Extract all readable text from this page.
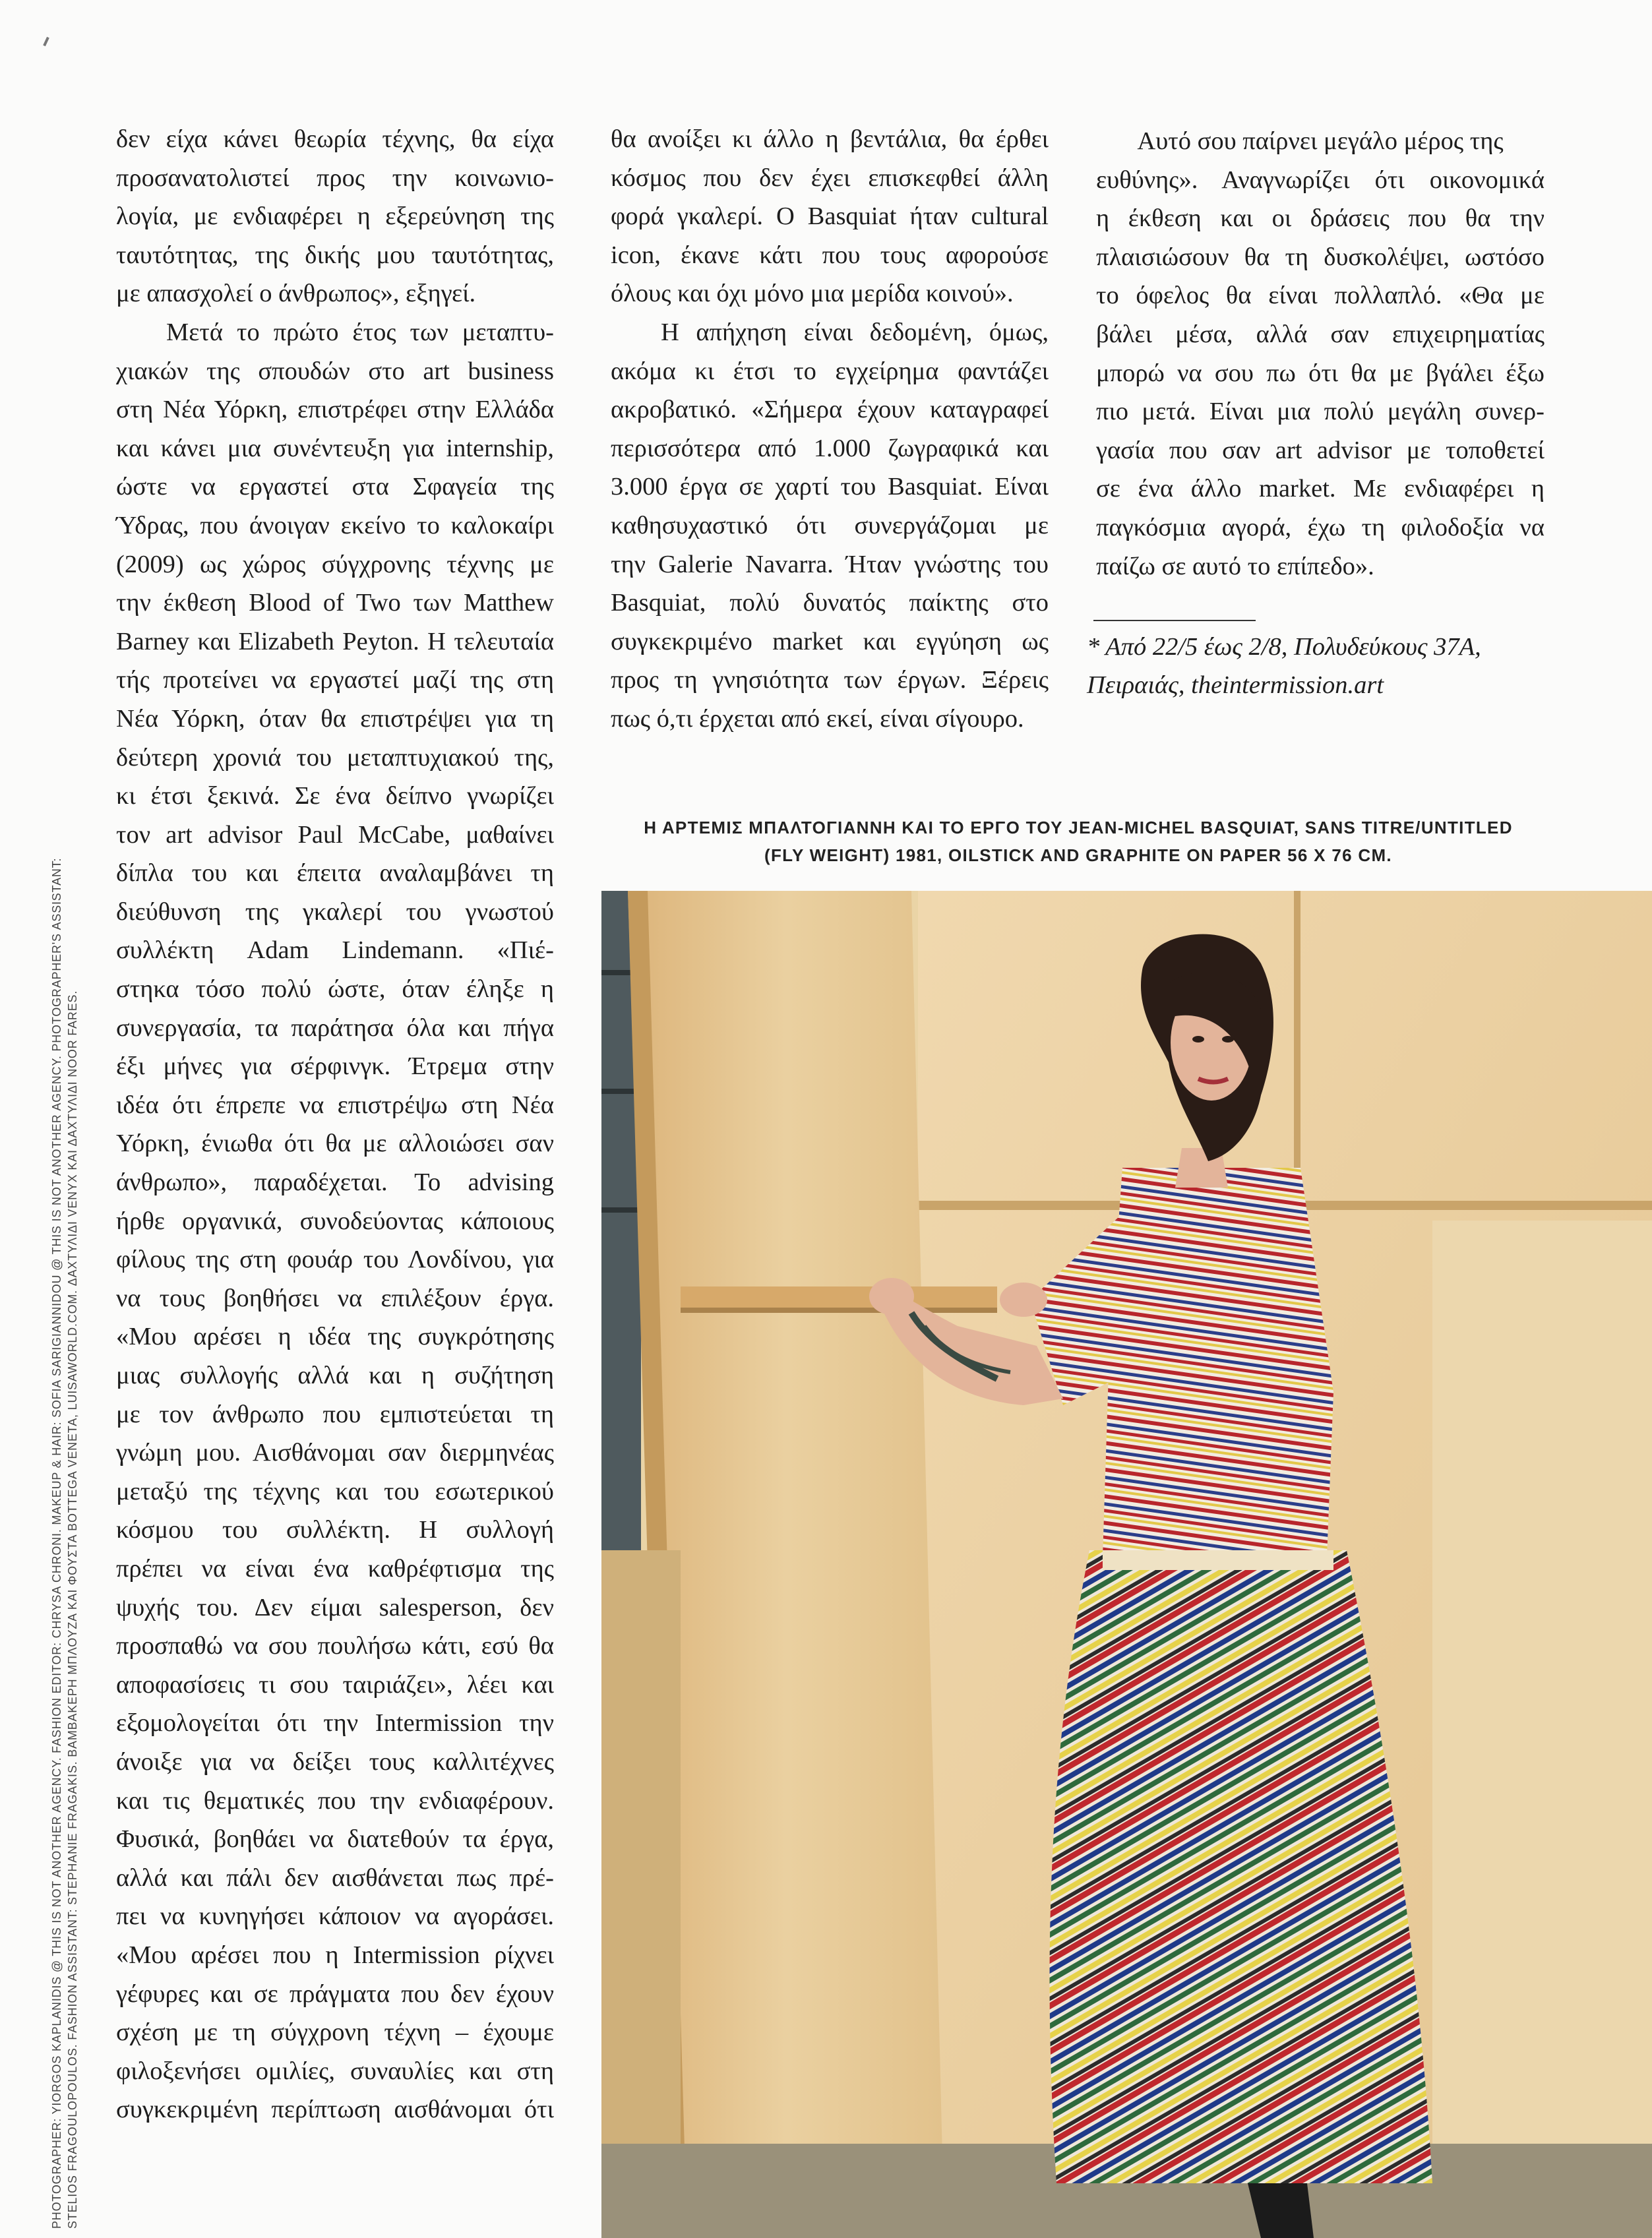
PHOTOGRAPHER: YIORGOS KAPLANIDIS @ THIS IS NOT ANOTHER AGENCY. FASHION EDITOR: CHRYSA CHRONI. MAKEUP & HAIR: SOFIA SARIGIANNIDOU @ THIS IS NOT ANOTHER AGENCY. PHOTOGRAPHER'S ASSISTANT: STELIOS FRAGOULOPOULOS. FASHION ASSISTANT: STEPHANIE FRAGAKIS. ΒΑΜΒΑΚΕΡΗ ΜΠΛΟΥΖΑ ΚΑΙ ΦΟΥΣΤΑ BOTTEGA VENETA, LUISAWORLD.COM. ΔΑΧΤΥΛΙΔΙ VENYX ΚΑΙ ΔΑΧΤΥΛΙΔΙ NOOR FARES.
δεν είχα κάνει θεωρία τέχνης, θα είχα
προσανατολιστεί προς την κοινωνιο-
λογία, με ενδιαφέρει η εξερεύνηση της
ταυτότητας, της δικής μου ταυτότητας,
με απασχολεί ο άνθρωπος», εξηγεί.
Μετά το πρώτο έτος των μεταπτυ-
χιακών της σπουδών στο art business
στη Νέα Υόρκη, επιστρέφει στην Ελλάδα
και κάνει μια συνέντευξη για internship,
ώστε να εργαστεί στα Σφαγεία της
Ύδρας, που άνοιγαν εκείνο το καλοκαίρι
(2009) ως χώρος σύγχρονης τέχνης με
την έκθεση Blood of Two των Matthew
Barney και Elizabeth Peyton. Η τελευταία
τής προτείνει να εργαστεί μαζί της στη
Νέα Υόρκη, όταν θα επιστρέψει για τη
δεύτερη χρονιά του μεταπτυχιακού της,
κι έτσι ξεκινά. Σε ένα δείπνο γνωρίζει
τον art advisor Paul McCabe, μαθαίνει
δίπλα του και έπειτα αναλαμβάνει τη
διεύθυνση της γκαλερί του γνωστού
συλλέκτη Adam Lindemann. «Πιέ-
στηκα τόσο πολύ ώστε, όταν έληξε η
συνεργασία, τα παράτησα όλα και πήγα
έξι μήνες για σέρφινγκ. Έτρεμα στην
ιδέα ότι έπρεπε να επιστρέψω στη Νέα
Υόρκη, ένιωθα ότι θα με αλλοιώσει σαν
άνθρωπο», παραδέχεται. Το advising
ήρθε οργανικά, συνοδεύοντας κάποιους
φίλους της στη φουάρ του Λονδίνου, για
να τους βοηθήσει να επιλέξουν έργα.
«Μου αρέσει η ιδέα της συγκρότησης
μιας συλλογής αλλά και η συζήτηση
με τον άνθρωπο που εμπιστεύεται τη
γνώμη μου. Αισθάνομαι σαν διερμηνέας
μεταξύ της τέχνης και του εσωτερικού
κόσμου του συλλέκτη. Η συλλογή
πρέπει να είναι ένα καθρέφτισμα της
ψυχής του. Δεν είμαι salesperson, δεν
προσπαθώ να σου πουλήσω κάτι, εσύ θα
αποφασίσεις τι σου ταιριάζει», λέει και
εξομολογείται ότι την Intermission την
άνοιξε για να δείξει τους καλλιτέχνες
και τις θεματικές που την ενδιαφέρουν.
Φυσικά, βοηθάει να διατεθούν τα έργα,
αλλά και πάλι δεν αισθάνεται πως πρέ-
πει να κυνηγήσει κάποιον να αγοράσει.
«Μου αρέσει που η Intermission ρίχνει
γέφυρες και σε πράγματα που δεν έχουν
σχέση με τη σύγχρονη τέχνη – έχουμε
φιλοξενήσει ομιλίες, συναυλίες και στη
συγκεκριμένη περίπτωση αισθάνομαι ότι
θα ανοίξει κι άλλο η βεντάλια, θα έρθει
κόσμος που δεν έχει επισκεφθεί άλλη
φορά γκαλερί. Ο Basquiat ήταν cultural
icon, έκανε κάτι που τους αφορούσε
όλους και όχι μόνο μια μερίδα κοινού».
Η απήχηση είναι δεδομένη, όμως,
ακόμα κι έτσι το εγχείρημα φαντάζει
ακροβατικό. «Σήμερα έχουν καταγραφεί
περισσότερα από 1.000 ζωγραφικά και
3.000 έργα σε χαρτί του Basquiat. Είναι
καθησυχαστικό ότι συνεργάζομαι με
την Galerie Navarra. Ήταν γνώστης του
Basquiat, πολύ δυνατός παίκτης στο
συγκεκριμένο market και εγγύηση ως
προς τη γνησιότητα των έργων. Ξέρεις
πως ό,τι έρχεται από εκεί, είναι σίγουρο.
Αυτό σου παίρνει μεγάλο μέρος της
ευθύνης». Αναγνωρίζει ότι οικονομικά
η έκθεση και οι δράσεις που θα την
πλαισιώσουν θα τη δυσκολέψει, ωστόσο
το όφελος θα είναι πολλαπλό. «Θα με
βάλει μέσα, αλλά σαν επιχειρηματίας
μπορώ να σου πω ότι θα με βγάλει έξω
πιο μετά. Είναι μια πολύ μεγάλη συνερ-
γασία που σαν art advisor με τοποθετεί
σε ένα άλλο market. Με ενδιαφέρει η
παγκόσμια αγορά, έχω τη φιλοδοξία να
παίζω σε αυτό το επίπεδο».
* Από 22/5 έως 2/8, Πολυδεύκους 37Α,
Πειραιάς, theintermission.art
Η ΑΡΤΕΜΙΣ ΜΠΑΛΤΟΓΙΑΝΝΗ ΚΑΙ ΤΟ ΕΡΓΟ ΤΟΥ JEAN-MICHEL BASQUIAT, SANS TITRE/UNTITLED
(FLY WEIGHT) 1981, OILSTICK AND GRAPHITE ON PAPER 56 X 76 CM.
